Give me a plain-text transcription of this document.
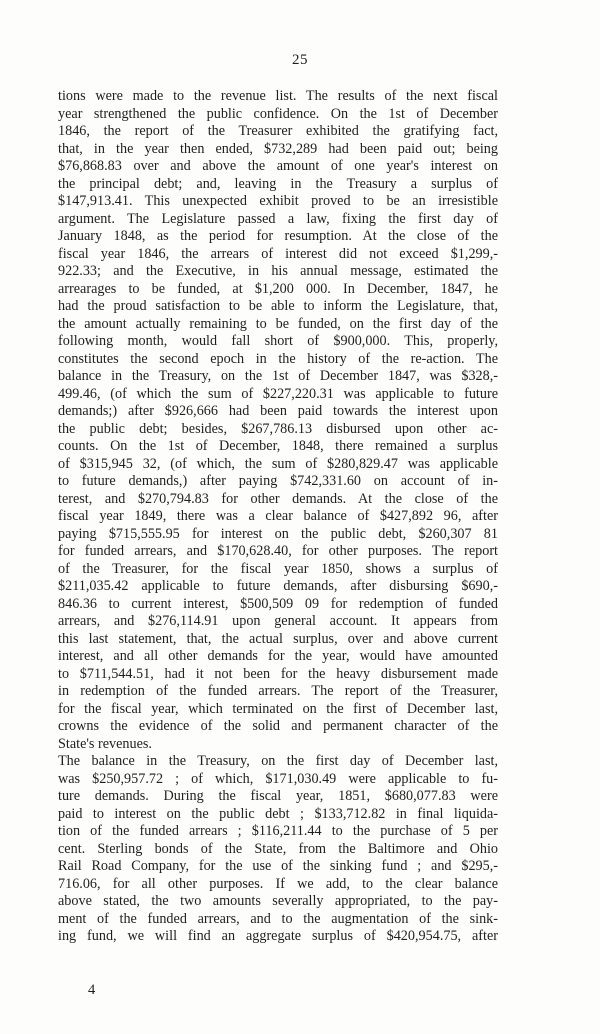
25
tions were made to the revenue list. The results of the next fiscal
year strengthened the public confidence. On the 1st of December
1846, the report of the Treasurer exhibited the gratifying fact,
that, in the year then ended, $732,289 had been paid out; being
$76,868.83 over and above the amount of one year's interest on
the principal debt; and, leaving in the Treasury a surplus of
$147,913.41. This unexpected exhibit proved to be an irresistible
argument. The Legislature passed a law, fixing the first day of
January 1848, as the period for resumption. At the close of the
fiscal year 1846, the arrears of interest did not exceed $1,299,-
922.33; and the Executive, in his annual message, estimated the
arrearages to be funded, at $1,200 000. In December, 1847, he
had the proud satisfaction to be able to inform the Legislature, that,
the amount actually remaining to be funded, on the first day of the
following month, would fall short of $900,000. This, properly,
constitutes the second epoch in the history of the re-action. The
balance in the Treasury, on the 1st of December 1847, was $328,-
499.46, (of which the sum of $227,220.31 was applicable to future
demands;) after $926,666 had been paid towards the interest upon
the public debt; besides, $267,786.13 disbursed upon other ac-
counts. On the 1st of December, 1848, there remained a surplus
of $315,945 32, (of which, the sum of $280,829.47 was applicable
to future demands,) after paying $742,331.60 on account of in-
terest, and $270,794.83 for other demands. At the close of the
fiscal year 1849, there was a clear balance of $427,892 96, after
paying $715,555.95 for interest on the public debt, $260,307 81
for funded arrears, and $170,628.40, for other purposes. The report
of the Treasurer, for the fiscal year 1850, shows a surplus of
$211,035.42 applicable to future demands, after disbursing $690,-
846.36 to current interest, $500,509 09 for redemption of funded
arrears, and $276,114.91 upon general account. It appears from
this last statement, that, the actual surplus, over and above current
interest, and all other demands for the year, would have amounted
to $711,544.51, had it not been for the heavy disbursement made
in redemption of the funded arrears. The report of the Treasurer,
for the fiscal year, which terminated on the first of December last,
crowns the evidence of the solid and permanent character of the
State's revenues.
The balance in the Treasury, on the first day of December last,
was $250,957.72 ; of which, $171,030.49 were applicable to fu-
ture demands. During the fiscal year, 1851, $680,077.83 were
paid to interest on the public debt ; $133,712.82 in final liquida-
tion of the funded arrears ; $116,211.44 to the purchase of 5 per
cent. Sterling bonds of the State, from the Baltimore and Ohio
Rail Road Company, for the use of the sinking fund ; and $295,-
716.06, for all other purposes. If we add, to the clear balance
above stated, the two amounts severally appropriated, to the pay-
ment of the funded arrears, and to the augmentation of the sink-
ing fund, we will find an aggregate surplus of $420,954.75, after
4
